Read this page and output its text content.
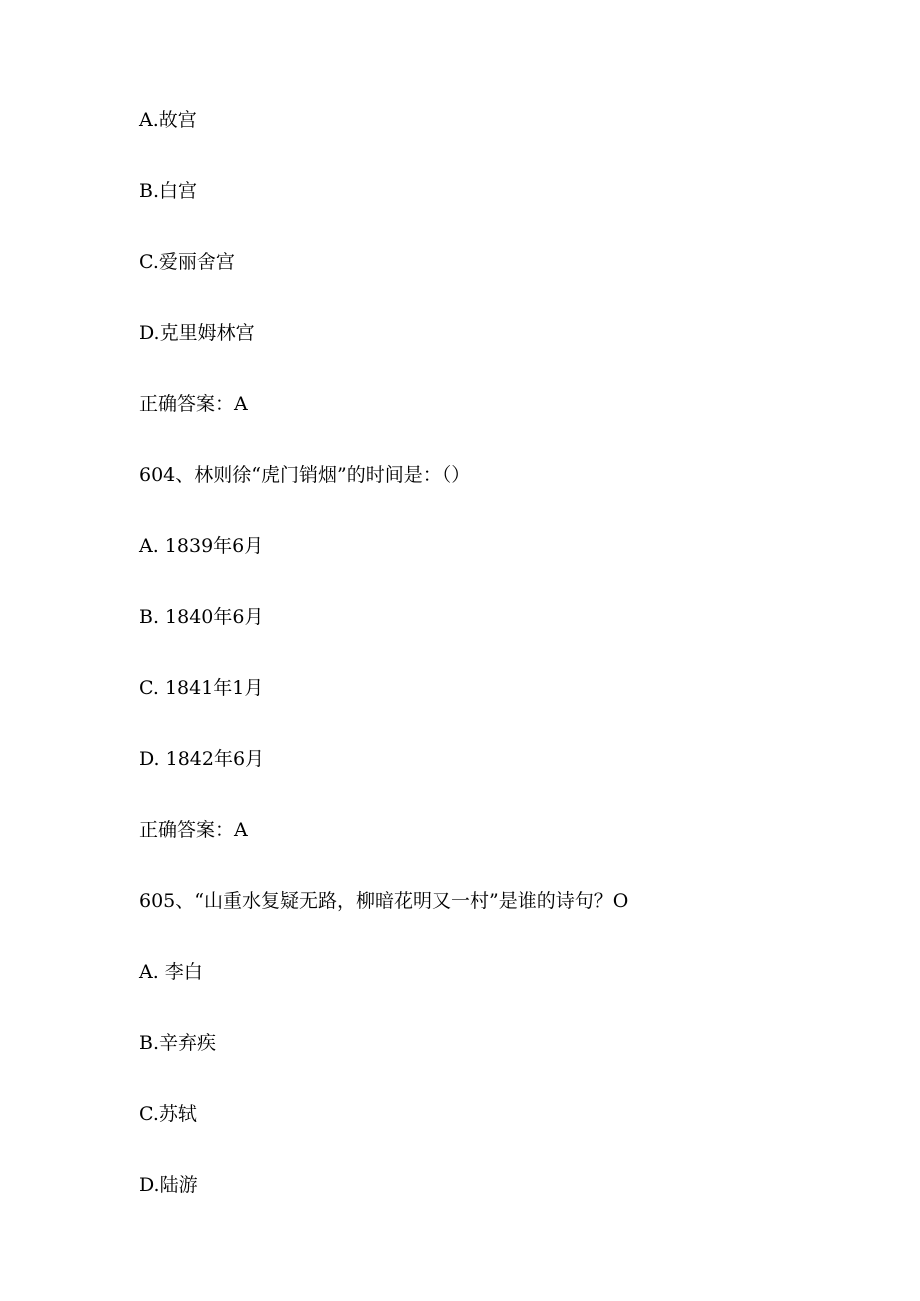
A.故宫
B.白宫
C.爱丽舍宫
D.克里姆林宫
正确答案：A
604、林则徐“虎门销烟”的时间是：（）
A. 1839年6月
B. 1840年6月
C. 1841年1月
D. 1842年6月
正确答案：A
605、“山重水复疑无路，柳暗花明又一村”是谁的诗句？O
A. 李白
B.辛弃疾
C.苏轼
D.陆游
